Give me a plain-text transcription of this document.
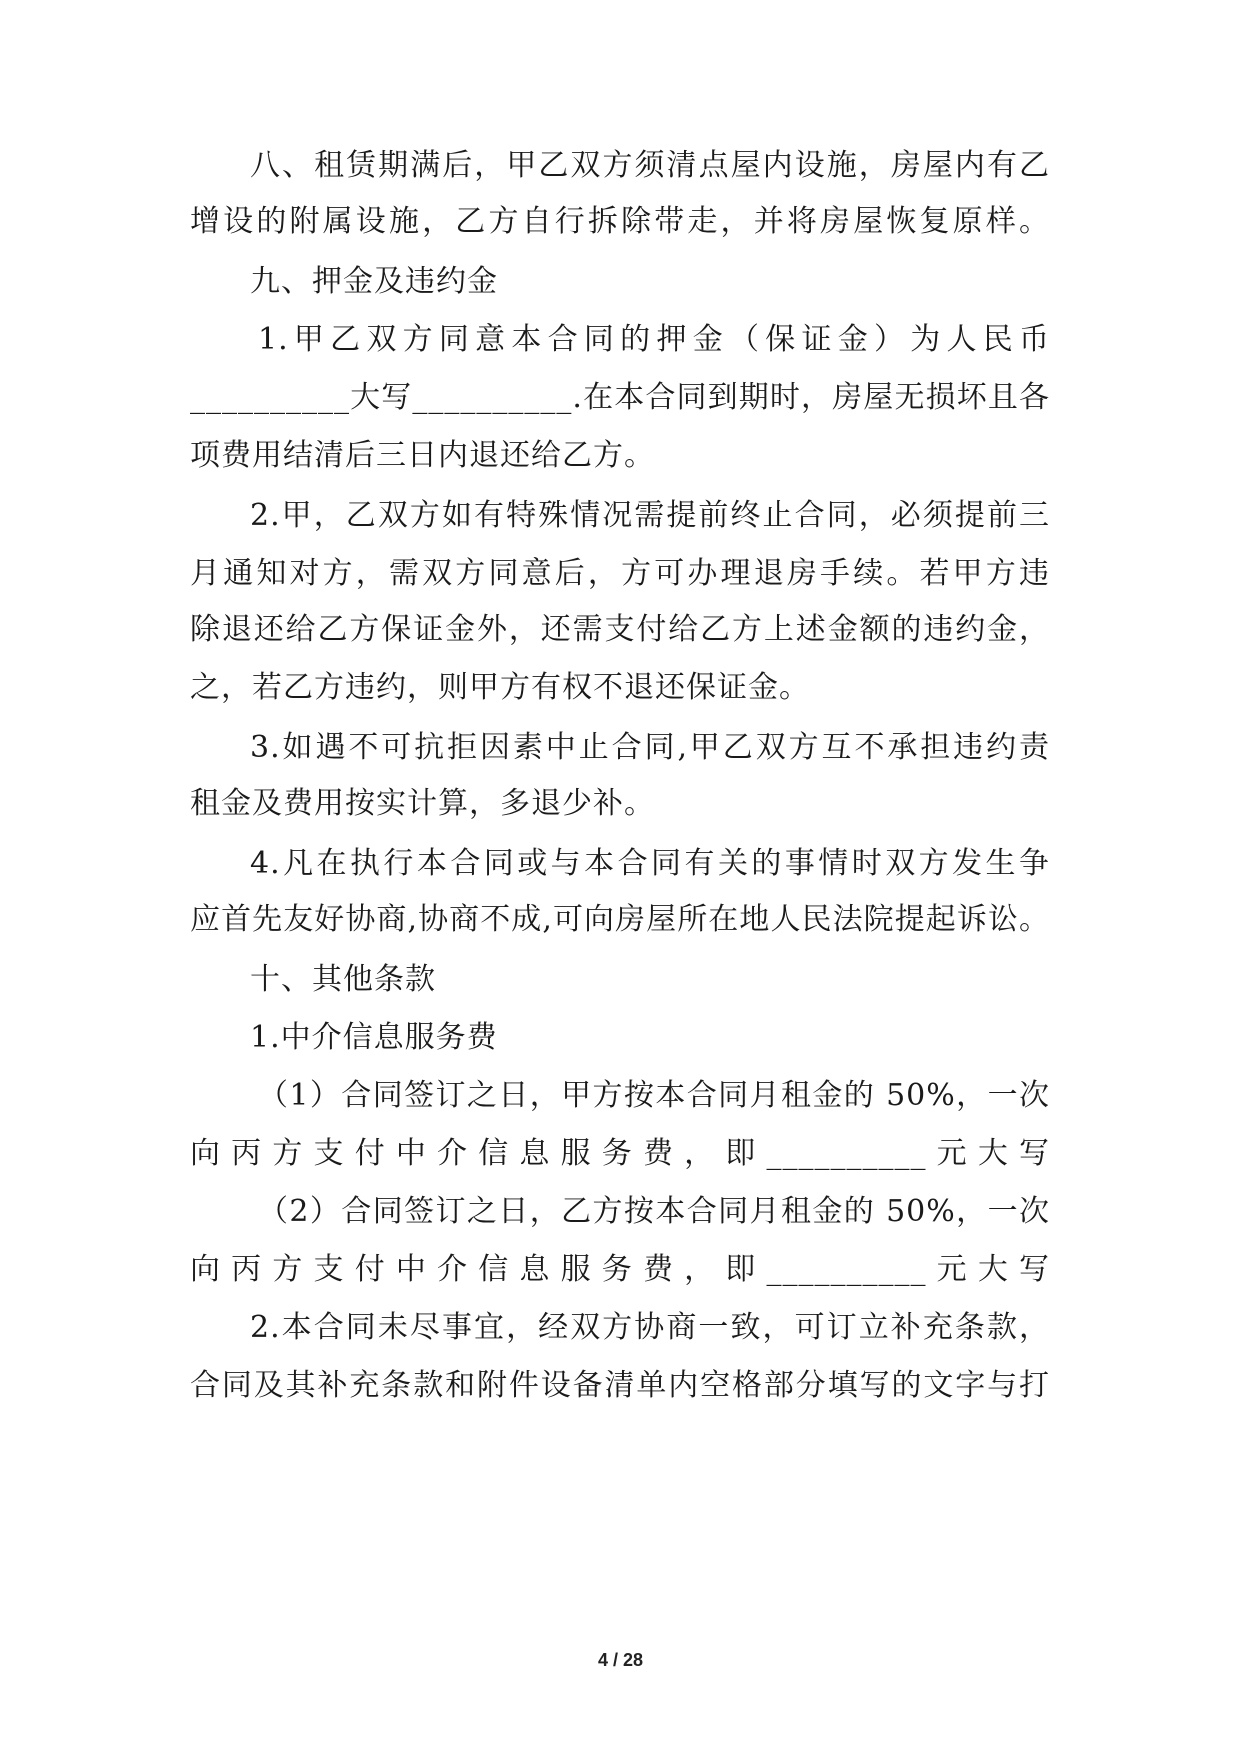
八、租赁期满后，甲乙双方须清点屋内设施，房屋内有乙
增设的附属设施，乙方自行拆除带走，并将房屋恢复原样。
九、押金及违约金
1.甲乙双方同意本合同的押金（保证金）为人民币
__________大写__________.在本合同到期时，房屋无损坏且各
项费用结清后三日内退还给乙方。
2.甲，乙双方如有特殊情况需提前终止合同，必须提前三
月通知对方，需双方同意后，方可办理退房手续。若甲方违
除退还给乙方保证金外，还需支付给乙方上述金额的违约金，
之，若乙方违约，则甲方有权不退还保证金。
3.如遇不可抗拒因素中止合同,甲乙双方互不承担违约责
租金及费用按实计算，多退少补。
4.凡在执行本合同或与本合同有关的事情时双方发生争
应首先友好协商,协商不成,可向房屋所在地人民法院提起诉讼。
十、其他条款
1.中介信息服务费
（1）合同签订之日，甲方按本合同月租金的 50%，一次
向丙方支付中介信息服务费，即__________元大写
（2）合同签订之日，乙方按本合同月租金的 50%，一次
向丙方支付中介信息服务费，即__________元大写
2.本合同未尽事宜，经双方协商一致，可订立补充条款，
合同及其补充条款和附件设备清单内空格部分填写的文字与打
4 / 28
